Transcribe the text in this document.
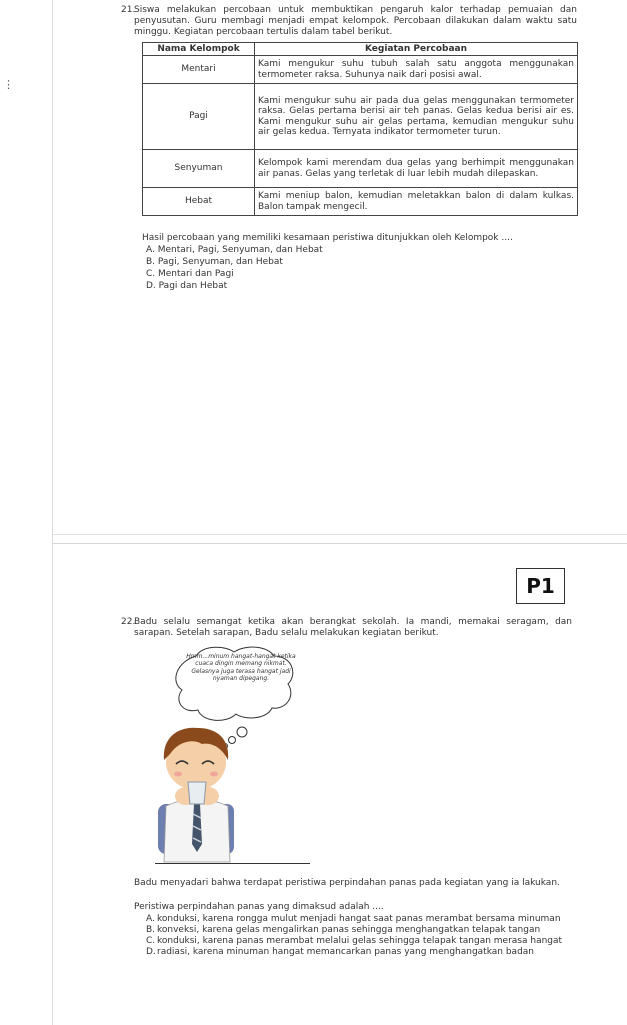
⋮
21.

Siswa melakukan percobaan untuk membuktikan pengaruh kalor terhadap pemuaian dan penyusutan. Guru membagi menjadi empat kelompok. Percobaan dilakukan dalam waktu satu minggu. Kegiatan percobaan tertulis dalam tabel berikut.

Nama Kelompok	Kegiatan Percobaan
Mentari	Kami mengukur suhu tubuh salah satu anggota menggunakan termometer raksa. Suhunya naik dari posisi awal.
Pagi	Kami mengukur suhu air pada dua gelas menggunakan termometer raksa. Gelas pertama berisi air teh panas. Gelas kedua berisi air es. Kami mengukur suhu air gelas pertama, kemudian mengukur suhu air gelas kedua. Ternyata indikator termometer turun.
Senyuman	Kelompok kami merendam dua gelas yang berhimpit menggunakan air panas. Gelas yang terletak di luar lebih mudah dilepaskan.
Hebat	Kami meniup balon, kemudian meletakkan balon di dalam kulkas. Balon tampak mengecil.

Hasil percobaan yang memiliki kesamaan peristiwa ditunjukkan oleh Kelompok ....

A. Mentari, Pagi, Senyuman, dan Hebat
B. Pagi, Senyuman, dan Hebat
C. Mentari dan Pagi
D. Pagi dan Hebat
P1
22.

Badu selalu semangat ketika akan berangkat sekolah. Ia mandi, memakai seragam, dan sarapan. Setelah sarapan, Badu selalu melakukan kegiatan berikut.

Hmm...minum hangat-hangat ketika cuaca dingin memang nikmat. Gelasnya juga terasa hangat jadi nyaman dipegang.

Badu menyadari bahwa terdapat peristiwa perpindahan panas pada kegiatan yang ia lakukan.

Peristiwa perpindahan panas yang dimaksud adalah ....

A. konduksi, karena rongga mulut menjadi hangat saat panas merambat bersama minuman
B. konveksi, karena gelas mengalirkan panas sehingga menghangatkan telapak tangan
C. konduksi, karena panas merambat melalui gelas sehingga telapak tangan merasa hangat
D. radiasi, karena minuman hangat memancarkan panas yang menghangatkan badan
